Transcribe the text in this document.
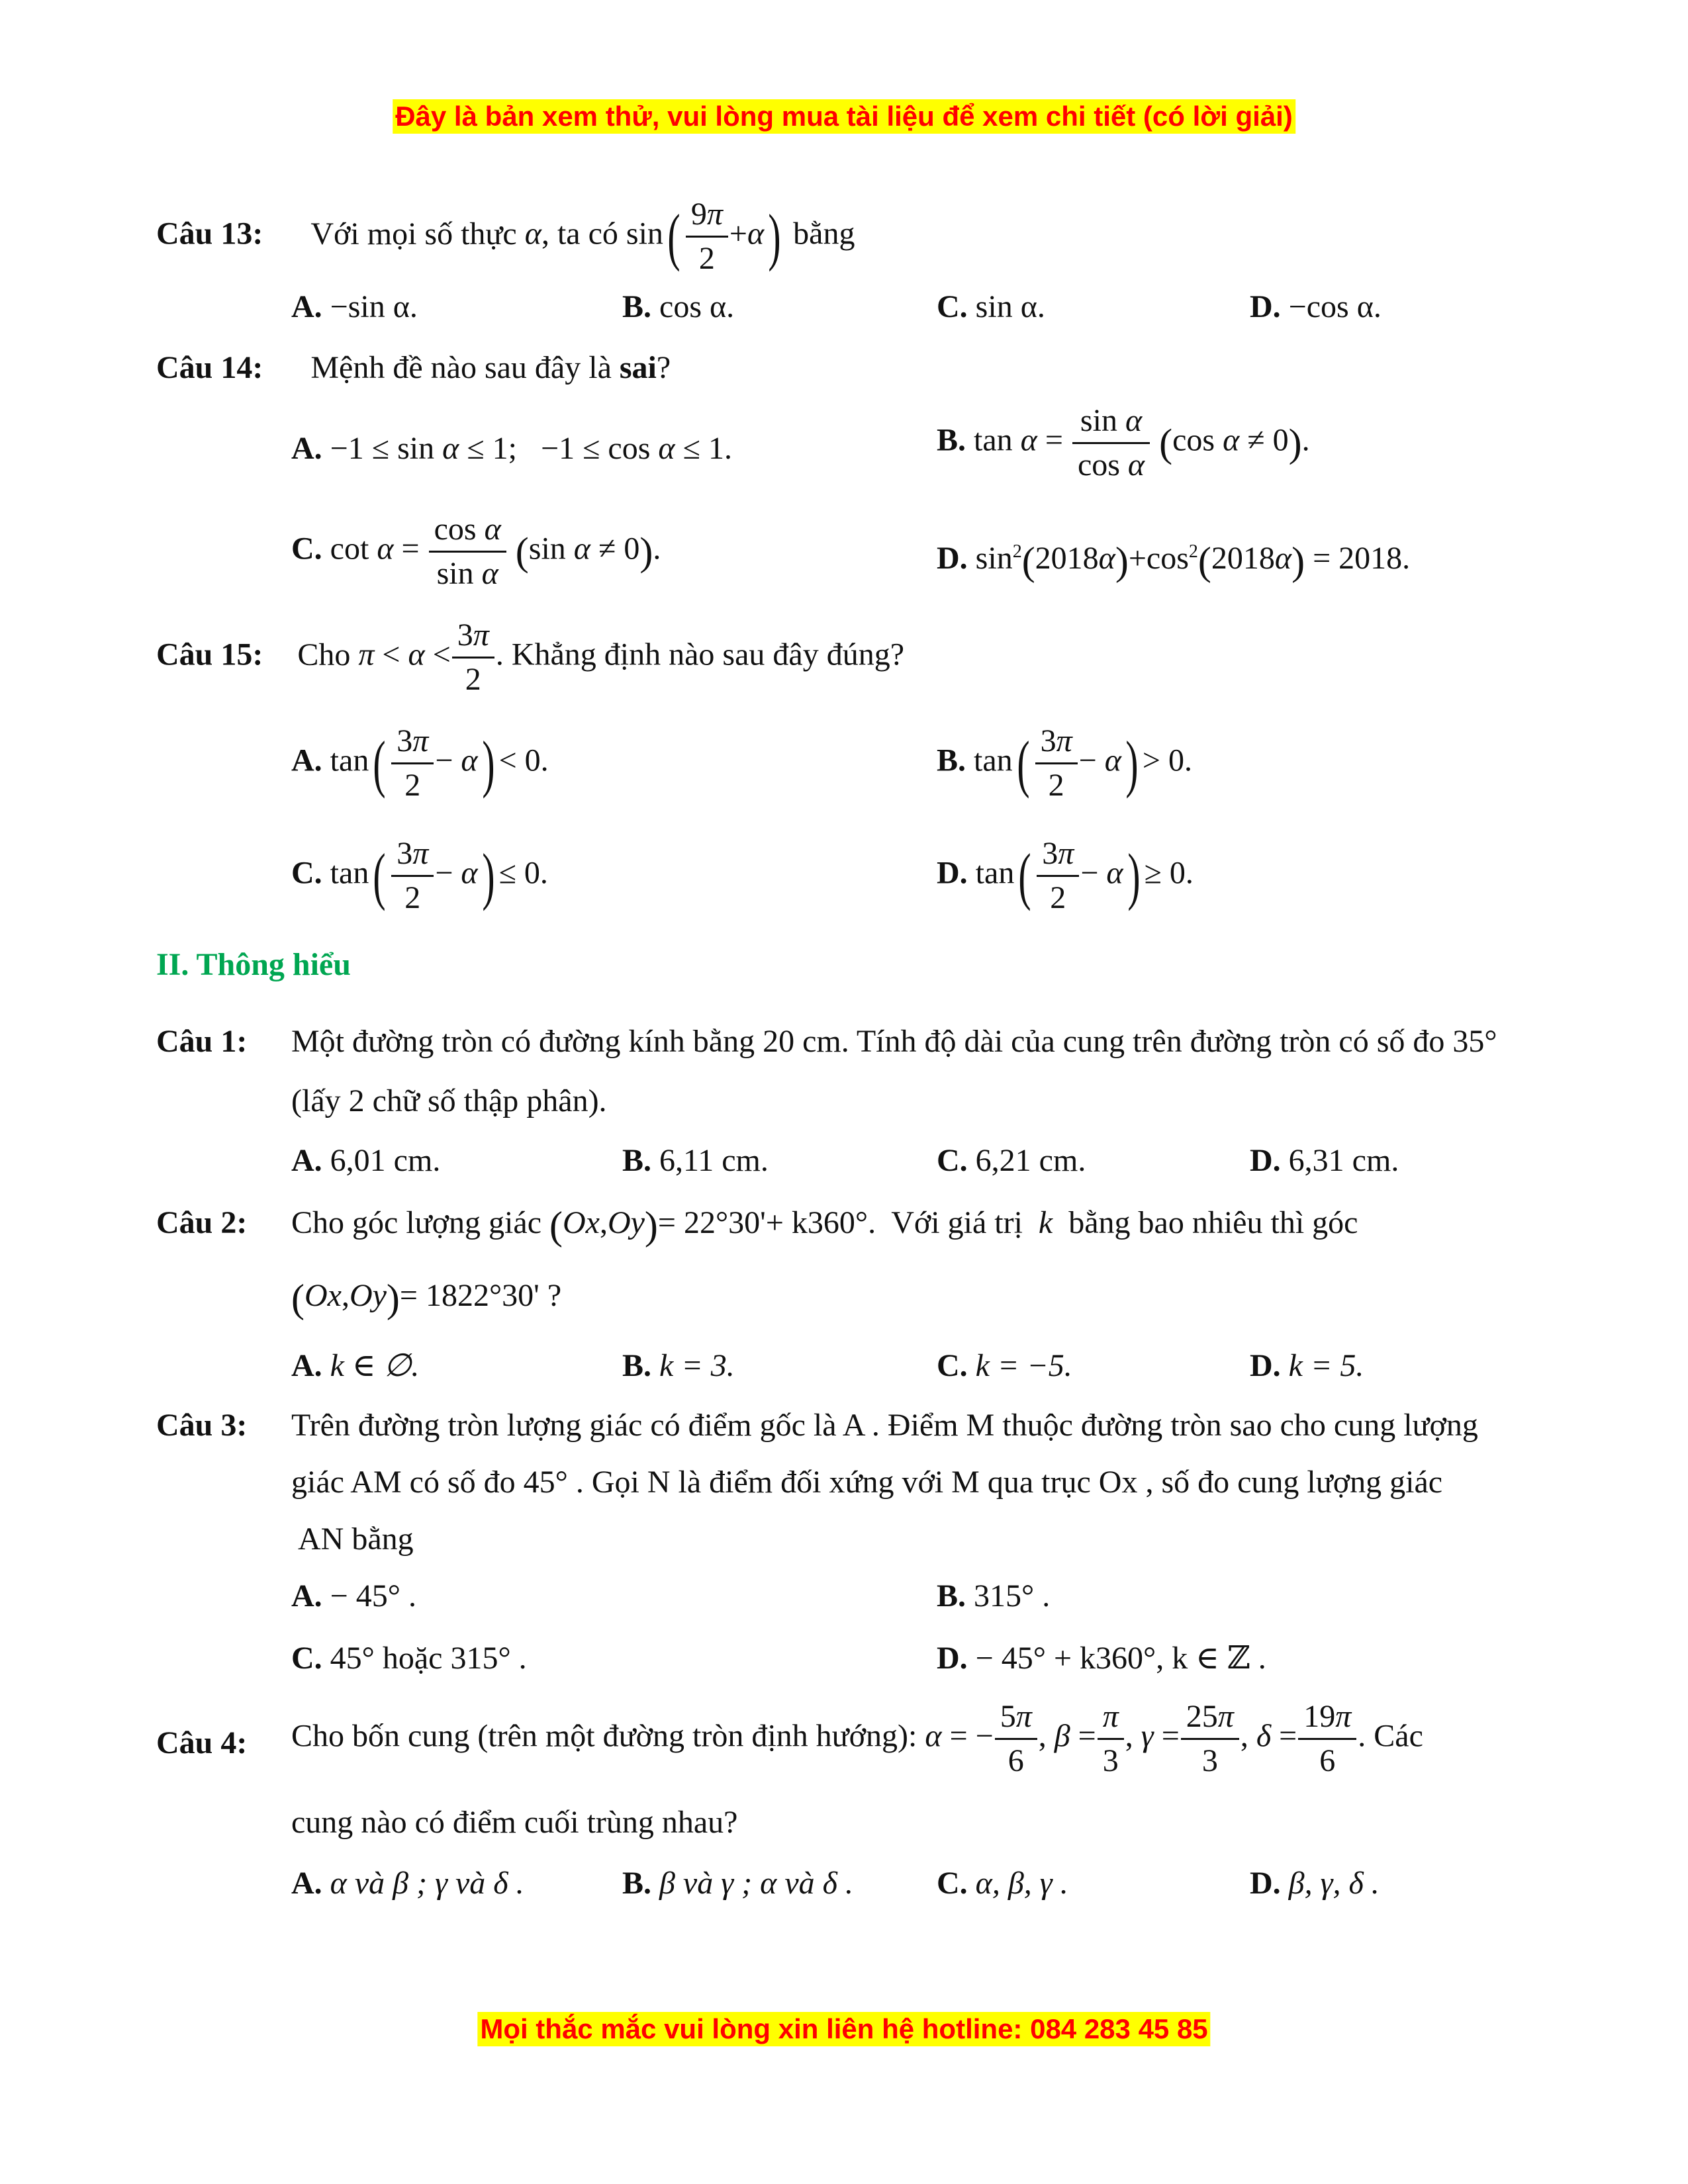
Đây là bản xem thử, vui lòng mua tài liệu để xem chi tiết (có lời giải)
Câu 13: Với mọi số thực α, ta có $\sin( \frac{9\pi}{2} +\alpha)$ bằng
A. −sin α.	B. cos α.	C. sin α.	D. −cos α.
Câu 14: Mệnh đề nào sau đây là sai?
A. −1 ≤ sin α ≤ 1;   −1 ≤ cos α ≤ 1.	B. $\tan \alpha = \frac{\text{sin α}}{\text{cos α}} (\cos$ α ≠ 0).
C. $\cot \alpha = \frac{\text{cos α}}{\text{sin α}} (\sin$ α ≠ 0).	D. $\sin^2(2018\alpha)+\cos^2(2018\alpha) = 2018$.
Câu 15: Cho $\pi < \alpha < \frac{3\pi}{2}$ . Khẳng định nào sau đây đúng?
A. $\tan( \frac{3\pi}{2} - \alpha) < 0$.	B. $\tan( \frac{3\pi}{2} - \alpha) > 0$.
C. $\tan( \frac{3\pi}{2} - \alpha) \le 0$.	D. $\tan( \frac{3\pi}{2} - \alpha) \ge 0$.
II. Thông hiểu
Câu 1: Một đường tròn có đường kính bằng 20 cm. Tính độ dài của cung trên đường tròn có số đo 35°
(lấy 2 chữ số thập phân).
A. 6,01 cm.	B. 6,11 cm.	C. 6,21 cm.	D. 6,31 cm.
Câu 2: Cho góc lượng giác (Ox,Oy)= 22°30'+ k360°. Với giá trị k bằng bao nhiêu thì góc
(Ox,Oy)= 1822°30' ?
A. k ∈ ∅.	B. k = 3.	C. k = −5.	D. k = 5.
Câu 3: Trên đường tròn lượng giác có điểm gốc là A . Điểm M thuộc đường tròn sao cho cung lượng
giác AM có số đo 45° . Gọi N là điểm đối xứng với M qua trục Ox , số đo cung lượng giác
AN bằng
A. − 45° .	B. 315° .
C. 45° hoặc 315° .	D. − 45° + k360°, k ∈ ℤ .
Câu 4: Cho bốn cung (trên một đường tròn định hướng): α = − $\frac{5\pi}{6}$ , $\beta = \frac{\pi}{3}$ , $\gamma = \frac{25\pi}{3}$ , $\delta = \frac{19\pi}{6}$ . Các
cung nào có điểm cuối trùng nhau?
A. α và β ; γ và δ .	B. β và γ ; α và δ .	C. α, β, γ .	D. β, γ, δ .
Mọi thắc mắc vui lòng xin liên hệ hotline: 084 283 45 85
